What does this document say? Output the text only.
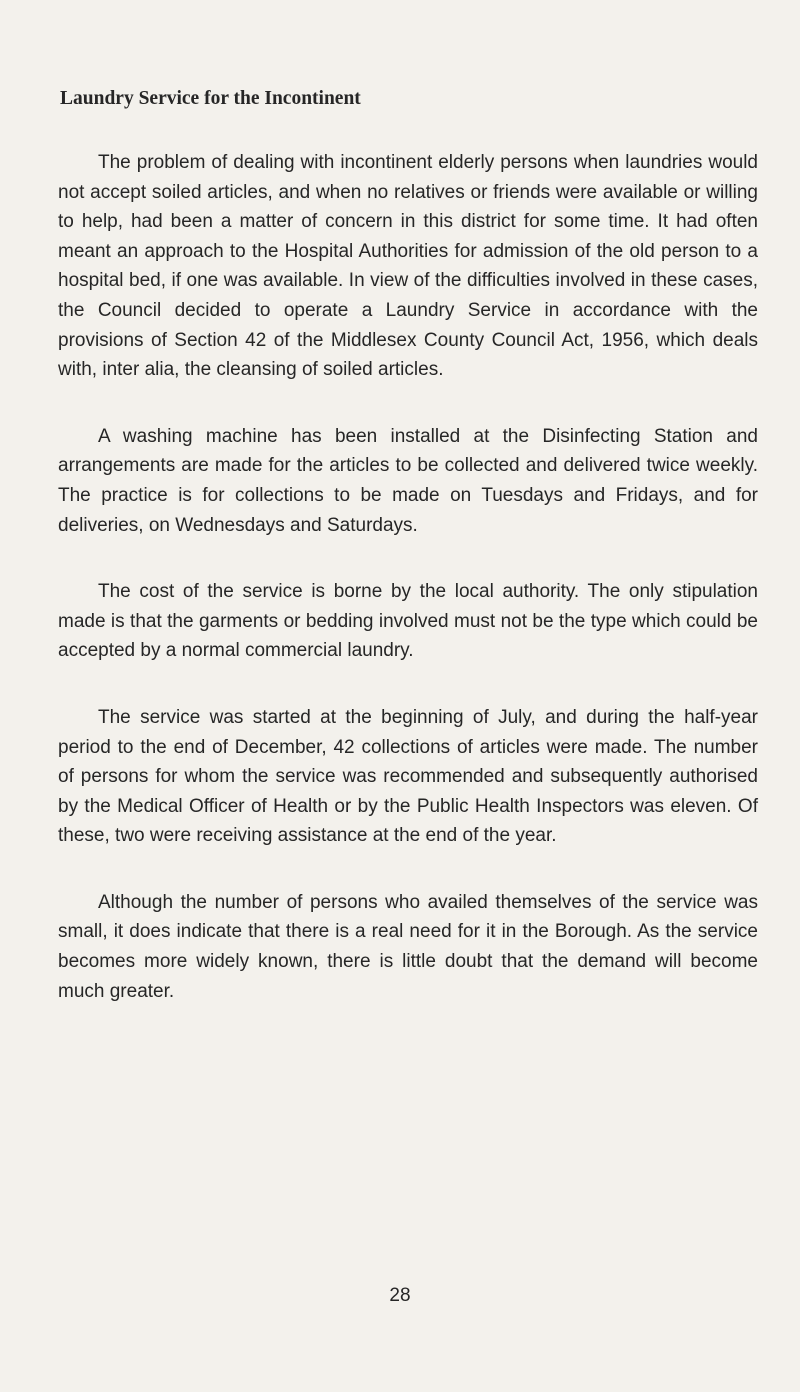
Laundry Service for the Incontinent

The problem of dealing with incontinent elderly persons when laundries would not accept soiled articles, and when no relatives or friends were available or willing to help, had been a matter of concern in this district for some time. It had often meant an approach to the Hospital Authorities for admission of the old person to a hospital bed, if one was available. In view of the difficulties involved in these cases, the Council decided to operate a Laundry Service in accordance with the provisions of Section 42 of the Middlesex County Council Act, 1956, which deals with, inter alia, the cleansing of soiled articles.

A washing machine has been installed at the Disinfecting Station and arrangements are made for the articles to be collected and delivered twice weekly. The practice is for collections to be made on Tuesdays and Fridays, and for deliveries, on Wednesdays and Saturdays.

The cost of the service is borne by the local authority. The only stipulation made is that the garments or bedding involved must not be the type which could be accepted by a normal commercial laundry.

The service was started at the beginning of July, and during the half-year period to the end of December, 42 collections of articles were made. The number of persons for whom the service was recommended and subsequently authorised by the Medical Officer of Health or by the Public Health Inspectors was eleven. Of these, two were receiving assistance at the end of the year.

Although the number of persons who availed themselves of the service was small, it does indicate that there is a real need for it in the Borough. As the service becomes more widely known, there is little doubt that the demand will become much greater.

28
